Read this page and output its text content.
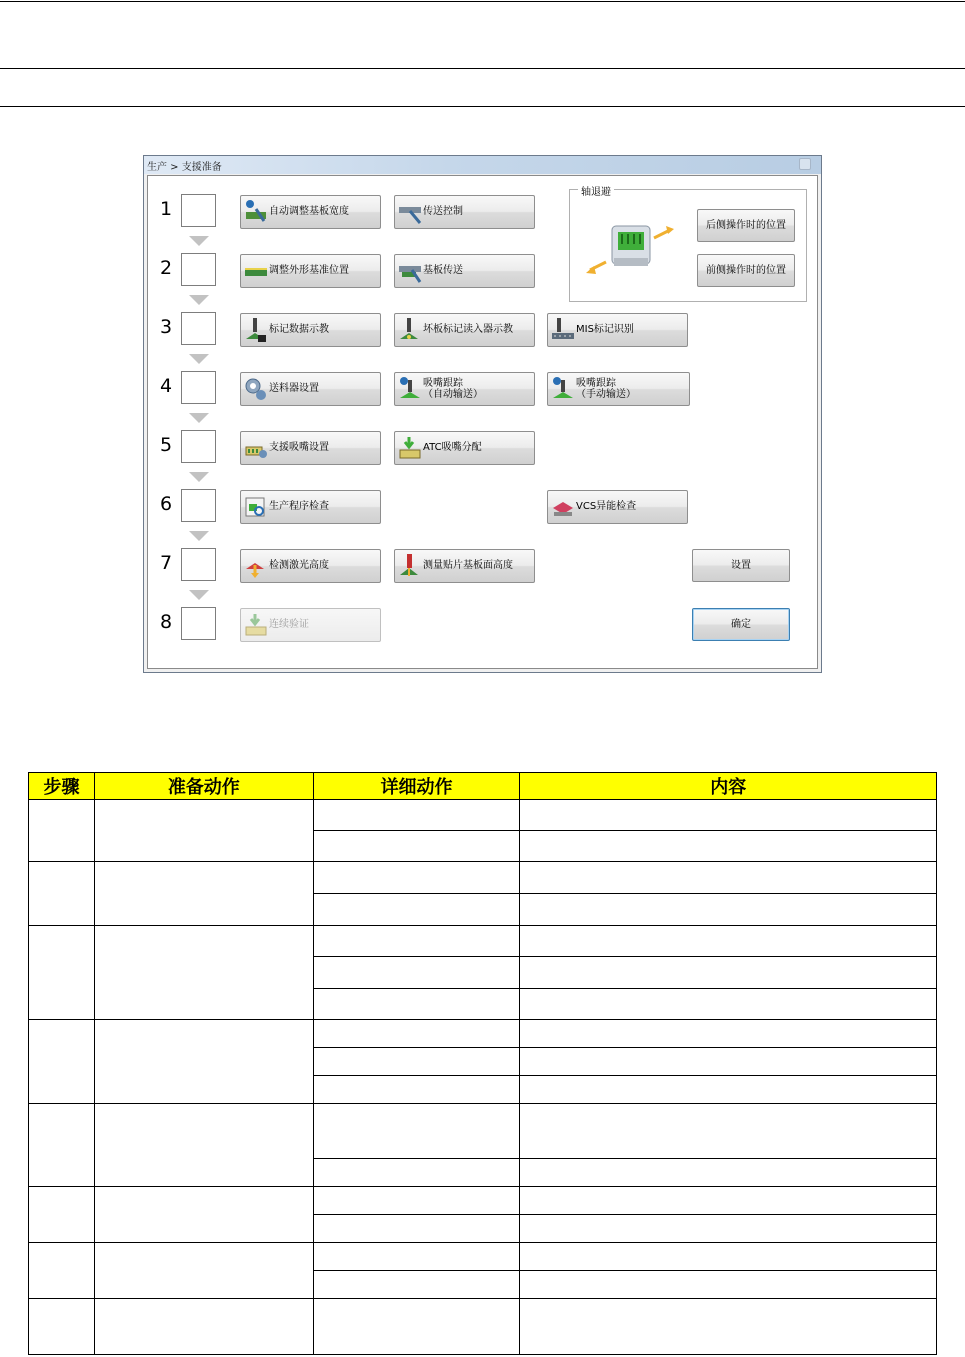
生产 > 支援准备
1
2
3
4
5
6
7
8
自动调整基板宽度	传送控制
调整外形基准位置	基板传送
轴退避
后侧操作时的位置
前侧操作时的位置
标记数据示教	坏板标记读入器示教	MIS标记识别
送料器设置	吸嘴跟踪
（自动输送）
吸嘴跟踪
（手动输送）
支援吸嘴设置	ATC吸嘴分配
生产程序检查	VCS异能检查
检测激光高度	测量贴片基板面高度	设置
连续验证	确定
步骤	准备动作	详细动作	内容
